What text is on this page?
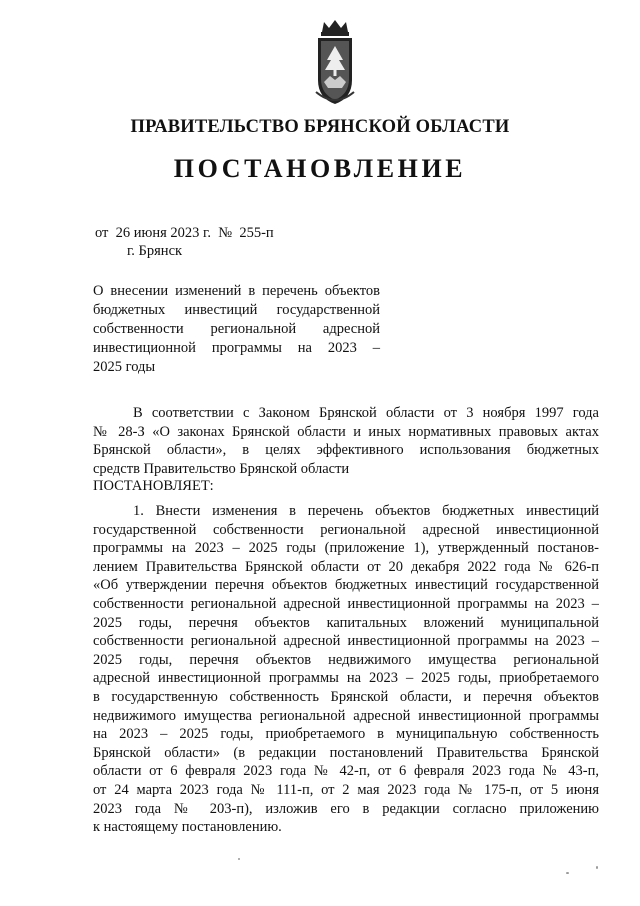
ПРАВИТЕЛЬСТВО БРЯНСКОЙ ОБЛАСТИ
ПОСТАНОВЛЕНИЕ
от  26 июня 2023 г.  №  255-п
г. Брянск
О внесении изменений в перечень объектов
бюджетных инвестиций государственной
собственности региональной адресной
инвестиционной программы на 2023 –
2025 годы
В соответствии с Законом Брянской области от 3 ноября 1997 года
№ 28-З «О законах Брянской области и иных нормативных правовых актах
Брянской области», в целях эффективного использования бюджетных
средств Правительство Брянской области
ПОСТАНОВЛЯЕТ:
1. Внести изменения в перечень объектов бюджетных инвестиций
государственной собственности региональной адресной инвестиционной
программы на 2023 – 2025 годы (приложение 1), утвержденный постанов-
лением Правительства Брянской области от 20 декабря 2022 года № 626-п
«Об утверждении перечня объектов бюджетных инвестиций государственной
собственности региональной адресной инвестиционной программы на 2023 –
2025 годы, перечня объектов капитальных вложений муниципальной
собственности региональной адресной инвестиционной программы на 2023 –
2025 годы, перечня объектов недвижимого имущества региональной
адресной инвестиционной программы на 2023 – 2025 годы, приобретаемого
в государственную собственность Брянской области, и перечня объектов
недвижимого имущества региональной адресной инвестиционной программы
на 2023 – 2025 годы, приобретаемого в муниципальную собственность
Брянской области» (в редакции постановлений Правительства Брянской
области от 6 февраля 2023 года № 42-п, от 6 февраля 2023 года № 43-п,
от 24 марта 2023 года № 111-п, от 2 мая 2023 года № 175-п, от 5 июня
2023 года № 203-п), изложив его в редакции согласно приложению
к настоящему постановлению.
